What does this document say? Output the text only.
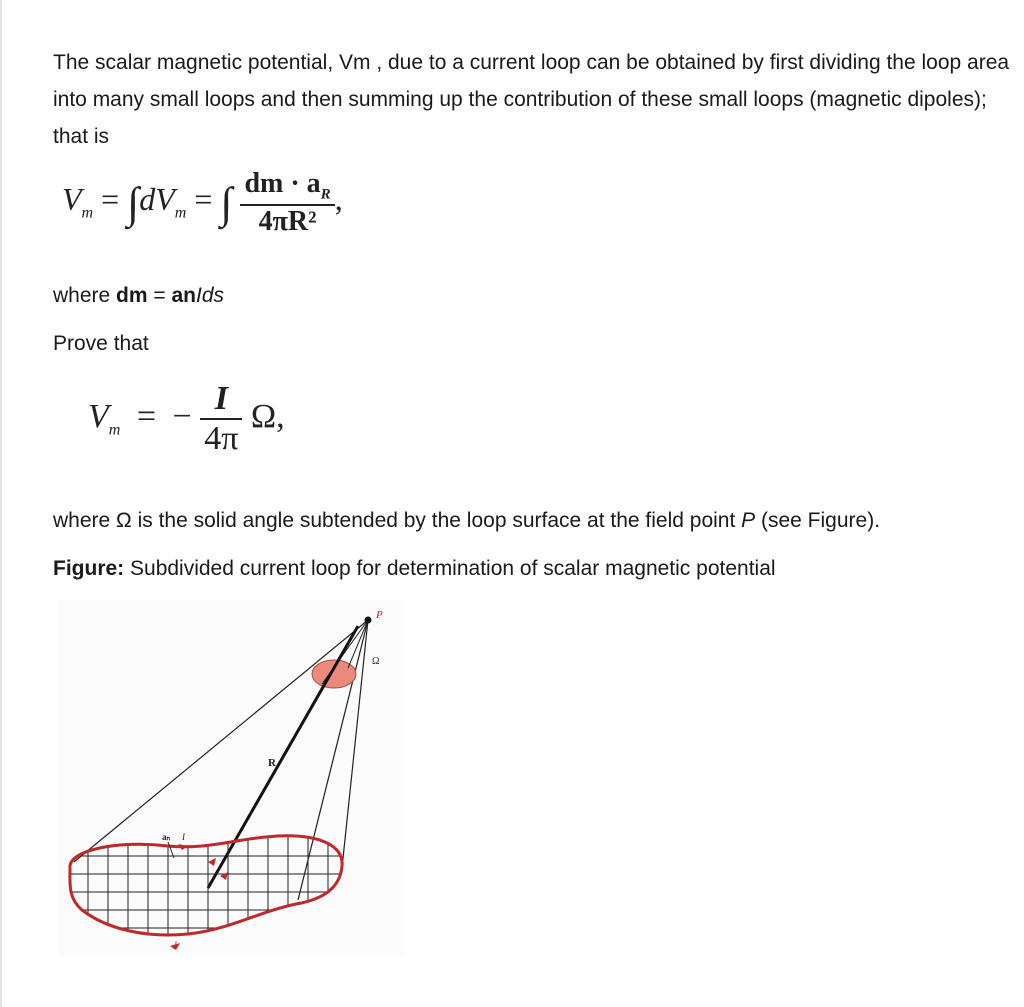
The scalar magnetic potential, Vm , due to a current loop can be obtained by first dividing the loop area into many small loops and then summing up the contribution of these small loops (magnetic dipoles); that is

$V_m = \int dV_m$ = ∫ $\frac{dm \cdot a_R}{\text{4πR²}}$ ,

where dm = anIds

Prove that

$V_m$ = − $\frac{I}{4\pi} \Omega$,

where Ω is the solid angle subtended by the loop surface at the field point P (see Figure).

Figure: Subdivided current loop for determination of scalar magnetic potential

P
Ω
R
aₙ I
